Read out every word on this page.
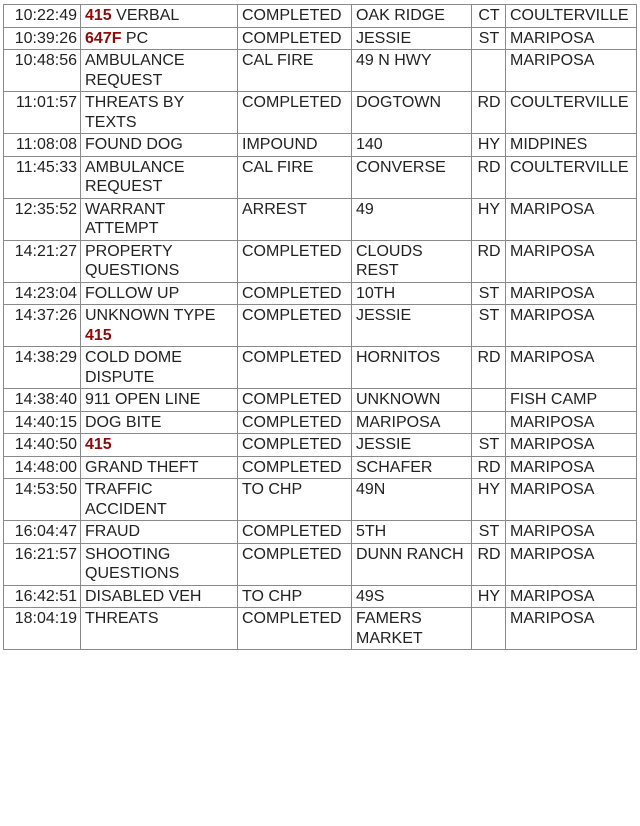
10:22:49	415 VERBAL	COMPLETED	OAK RIDGE	CT	COULTERVILLE
10:39:26	647F PC	COMPLETED	JESSIE	ST	MARIPOSA
10:48:56	AMBULANCE REQUEST	CAL FIRE	49 N HWY		MARIPOSA
11:01:57	THREATS BY TEXTS	COMPLETED	DOGTOWN	RD	COULTERVILLE
11:08:08	FOUND DOG	IMPOUND	140	HY	MIDPINES
11:45:33	AMBULANCE REQUEST	CAL FIRE	CONVERSE	RD	COULTERVILLE
12:35:52	WARRANT ATTEMPT	ARREST	49	HY	MARIPOSA
14:21:27	PROPERTY QUESTIONS	COMPLETED	CLOUDS REST	RD	MARIPOSA
14:23:04	FOLLOW UP	COMPLETED	10TH	ST	MARIPOSA
14:37:26	UNKNOWN TYPE 415	COMPLETED	JESSIE	ST	MARIPOSA
14:38:29	COLD DOME DISPUTE	COMPLETED	HORNITOS	RD	MARIPOSA
14:38:40	911 OPEN LINE	COMPLETED	UNKNOWN		FISH CAMP
14:40:15	DOG BITE	COMPLETED	MARIPOSA		MARIPOSA
14:40:50	415	COMPLETED	JESSIE	ST	MARIPOSA
14:48:00	GRAND THEFT	COMPLETED	SCHAFER	RD	MARIPOSA
14:53:50	TRAFFIC ACCIDENT	TO CHP	49N	HY	MARIPOSA
16:04:47	FRAUD	COMPLETED	5TH	ST	MARIPOSA
16:21:57	SHOOTING QUESTIONS	COMPLETED	DUNN RANCH	RD	MARIPOSA
16:42:51	DISABLED VEH	TO CHP	49S	HY	MARIPOSA
18:04:19	THREATS	COMPLETED	FAMERS MARKET		MARIPOSA
